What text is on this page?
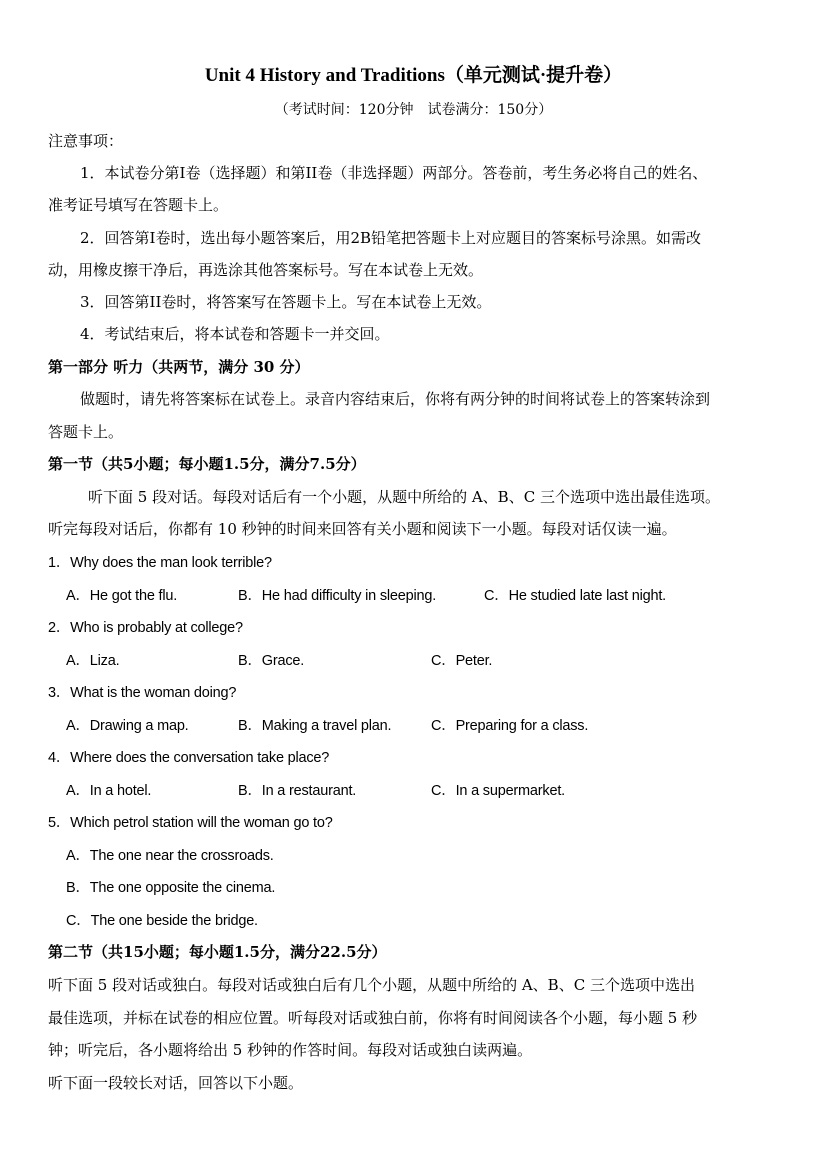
Unit 4 History and Traditions（单元测试·提升卷）
（考试时间：120分钟　试卷满分：150分）
注意事项：
1．本试卷分第I卷（选择题）和第II卷（非选择题）两部分。答卷前，考生务必将自己的姓名、
准考证号填写在答题卡上。
2．回答第I卷时，选出每小题答案后，用2B铅笔把答题卡上对应题目的答案标号涂黑。如需改
动，用橡皮擦干净后，再选涂其他答案标号。写在本试卷上无效。
3．回答第II卷时，将答案写在答题卡上。写在本试卷上无效。
4．考试结束后，将本试卷和答题卡一并交回。
第一部分 听力（共两节，满分 30 分）
做题时，请先将答案标在试卷上。录音内容结束后，你将有两分钟的时间将试卷上的答案转涂到
答题卡上。
第一节（共5小题；每小题1.5分，满分7.5分）
听下面 5 段对话。每段对话后有一个小题，从题中所给的 A、B、C 三个选项中选出最佳选项。
听完每段对话后，你都有 10 秒钟的时间来回答有关小题和阅读下一小题。每段对话仅读一遍。
1．Why does the man look terrible?
A．He got the flu.	B．He had difficulty in sleeping.	C．He studied late last night.
2．Who is probably at college?
A．Liza.	B．Grace.	C．Peter.
3．What is the woman doing?
A．Drawing a map.	B．Making a travel plan.	C．Preparing for a class.
4．Where does the conversation take place?
A．In a hotel.	B．In a restaurant.	C．In a supermarket.
5．Which petrol station will the woman go to?
A．The one near the crossroads.
B．The one opposite the cinema.
C．The one beside the bridge.
第二节（共15小题；每小题1.5分，满分22.5分）
听下面 5 段对话或独白。每段对话或独白后有几个小题，从题中所给的 A、B、C 三个选项中选出
最佳选项，并标在试卷的相应位置。听每段对话或独白前，你将有时间阅读各个小题，每小题 5 秒
钟；听完后，各小题将给出 5 秒钟的作答时间。每段对话或独白读两遍。
听下面一段较长对话，回答以下小题。
